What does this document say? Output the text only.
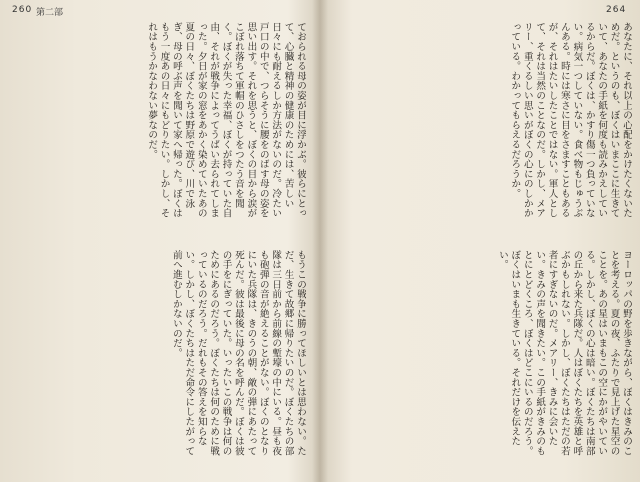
260 第二部	264
ておられる母の姿が目に浮かぶ。彼らにとって、心臓と精神の健康のためには、苦しい日々にも耐えるしか方法がないのだ。冷たい戸口の中で、つらそうに腰をのばす母の姿を思い出す。それを思うと、ぼくの目から涙がこぼれ落ちて軍帽のひさしをつたう音を聞く。ぼくが失った幸福、ぼくが持っていた自由、それが戦争によってうばい去られてしまった。夕日が家の窓をあかく染めていたあの夏の日々、ぼくたちは野原で遊び、川で泳ぎ、母の呼ぶ声を聞いて家へ帰った。ぼくはもう一度あの日々にもどりたい。しかし、それはもうかなわない夢なのだ。
もうこの戦争に勝ってほしいとは思わない。ただ、生きて故郷に帰りたいのだ。ぼくたちの部隊は三日前から前線の塹壕の中にいる。昼も夜も砲弾の音が絶えることがない。ぼくのとなりにいた兵隊は、きのうの朝、敵の弾にあたって死んだ。彼は最後に母の名を呼んだ。ぼくは彼の手をにぎっていた。いったいこの戦争は何のためにあるのだろう。ぼくたちは何のために戦っているのだろう。だれもその答えを知らない。しかし、ぼくたちはただ命令にしたがって前へ進むしかないのだ。
あなたに、それ以上の心配をかけたくないためだ。というのも、ぼくはいまここに生きていて、あなたの手紙を何度も読みかえしているからだ。ぼくは、かすり傷一つ負っていない。病気一つしていない。食べ物もじゅうぶんある。時には寒さに目をさますこともあるが、それはたいしたことではない。軍人として、それは当然のことなのだ。しかし、メアリー、重くるしい思いがぼくの心にのしかかっている。わかってもらえるだろうか。
ヨーロッパの野を歩きながら、ぼくはきみのことを考える。夏の夜、ふたりで見上げた星空のことを。あの星はいまもこの空にかがやいている。しかし、ぼくの心は暗い。ぼくたちは南部の丘から来た兵隊だ。人はぼくたちを英雄と呼ぶかもしれない。しかし、ぼくたちはただの若者にすぎないのだ。メアリー、きみに会いたい。きみの声を聞きたい。この手紙がきみのもとにとどくころ、ぼくはどこにいるのだろう。ぼくはいまも生きている。それだけを伝えたい。
